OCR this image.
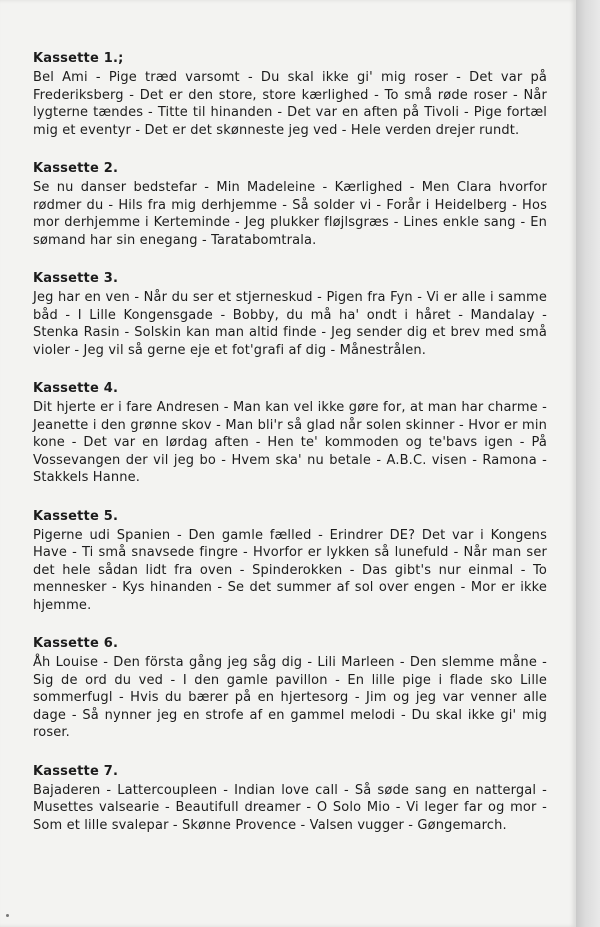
Kassette 1.;

Bel Ami - Pige træd varsomt - Du skal ikke gi' mig roser - Det var på Frederiksberg - Det er den store, store kærlighed - To små røde roser - Når lygterne tændes - Titte til hinanden - Det var en aften på Tivoli - Pige fortæl mig et eventyr - Det er det skønneste jeg ved - Hele verden drejer rundt.

Kassette 2.

Se nu danser bedstefar - Min Madeleine - Kærlighed - Men Clara hvorfor rødmer du - Hils fra mig derhjemme - Så solder vi - Forår i Heidelberg - Hos mor derhjemme i Kerteminde - Jeg plukker fløjlsgræs - Lines enkle sang - En sømand har sin enegang - Taratabomtrala.

Kassette 3.

Jeg har en ven - Når du ser et stjerneskud - Pigen fra Fyn - Vi er alle i samme båd - I Lille Kongensgade - Bobby, du må ha' ondt i håret - Mandalay - Stenka Rasin - Solskin kan man altid finde - Jeg sender dig et brev med små violer - Jeg vil så gerne eje et fot'grafi af dig - Månestrålen.

Kassette 4.

Dit hjerte er i fare Andresen - Man kan vel ikke gøre for, at man har charme - Jeanette i den grønne skov - Man bli'r så glad når solen skinner - Hvor er min kone - Det var en lørdag aften - Hen te' kommoden og te'bavs igen - På Vossevangen der vil jeg bo - Hvem ska' nu betale - A.B.C. visen - Ramona - Stakkels Hanne.

Kassette 5.

Pigerne udi Spanien - Den gamle fælled - Erindrer DE? Det var i Kongens Have - Ti små snavsede fingre - Hvorfor er lykken så lunefuld - Når man ser det hele sådan lidt fra oven - Spinderokken - Das gibt's nur einmal - To mennesker - Kys hinanden - Se det summer af sol over engen - Mor er ikke hjemme.

Kassette 6.

Åh Louise - Den första gång jeg såg dig - Lili Marleen - Den slemme måne - Sig de ord du ved - I den gamle pavillon - En lille pige i flade sko Lille sommerfugl - Hvis du bærer på en hjertesorg - Jim og jeg var venner alle dage - Så nynner jeg en strofe af en gammel melodi - Du skal ikke gi' mig roser.

Kassette 7.

Bajaderen - Lattercoupleen - Indian love call - Så søde sang en nattergal - Musettes valsearie - Beautifull dreamer - O Solo Mio - Vi leger far og mor - Som et lille svalepar - Skønne Provence - Valsen vugger - Gøngemarch.
